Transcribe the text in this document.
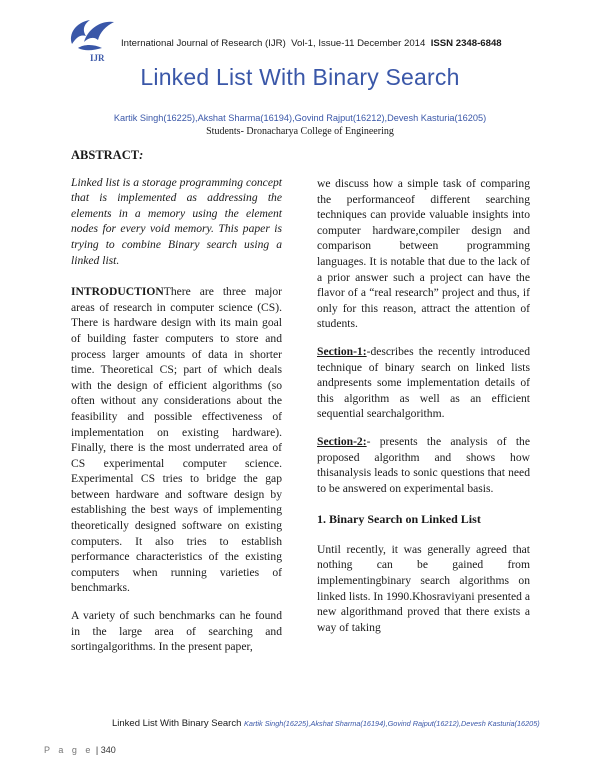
IJR
International Journal of Research (IJR) Vol-1, Issue-11 December 2014 ISSN 2348-6848
Linked List With Binary Search
Kartik Singh(16225),Akshat Sharma(16194),Govind Rajput(16212),Devesh Kasturia(16205)
Students- Dronacharya College of Engineering

ABSTRACT:

Linked list is a storage programming concept that is implemented as addressing the elements in a memory using the element nodes for every void memory. This paper is trying to combine Binary search using a linked list.

INTRODUCTIONThere are three major areas of research in computer science (CS). There is hardware design with its main goal of building faster computers to store and process larger amounts of data in shorter time. Theoretical CS; part of which deals with the design of efficient algorithms (so often without any considerations about the feasibility and possible effectiveness of implementation on existing hardware). Finally, there is the most underrated area of CS experimental computer science. Experimental CS tries to bridge the gap between hardware and software design by establishing the best ways of implementing theoretically designed software on existing computers. It also tries to establish performance characteristics of the existing computers when running varieties of benchmarks.

A variety of such benchmarks can he found in the large area of searching and sortingalgorithms. In the present paper,

we discuss how a simple task of comparing the performanceof different searching techniques can provide valuable insights into computer hardware,compiler design and comparison between programming languages. It is notable that due to the lack of a prior answer such a project can have the flavor of a “real research” project and thus, if only for this reason, attract the attention of students.

Section-1:-describes the recently introduced technique of binary search on linked lists andpresents some implementation details of this algorithm as well as an efficient sequential searchalgorithm.

Section-2:- presents the analysis of the proposed algorithm and shows how thisanalysis leads to sonic questions that need to be answered on experimental basis.

1. Binary Search on Linked List

Until recently, it was generally agreed that nothing can be gained from implementingbinary search algorithms on linked lists. In 1990.Khosraviyani presented a new algorithmand proved that there exists a way of taking

Linked List With Binary Search Kartik Singh(16225),Akshat Sharma(16194),Govind Rajput(16212),Devesh Kasturia(16205)
P a g e | 340
